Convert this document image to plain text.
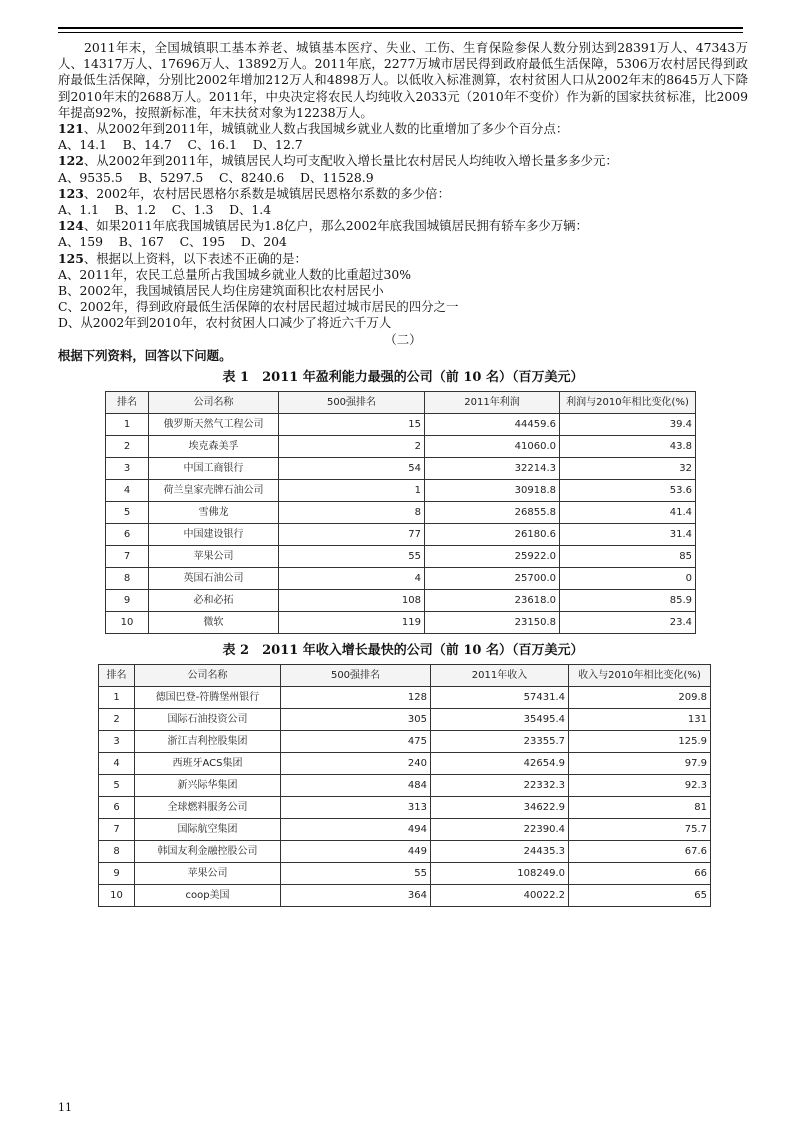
2011年末，全国城镇职工基本养老、城镇基本医疗、失业、工伤、生育保险参保人数分别达到28391万人、47343万人、14317万人、17696万人、13892万人。2011年底，2277万城市居民得到政府最低生活保障，5306万农村居民得到政府最低生活保障，分别比2002年增加212万人和4898万人。以低收入标准测算，农村贫困人口从2002年末的8645万人下降到2010年末的2688万人。2011年，中央决定将农民人均纯收入2033元（2010年不变价）作为新的国家扶贫标准，比2009年提高92%，按照新标准，年末扶贫对象为12238万人。

121、从2002年到2011年，城镇就业人数占我国城乡就业人数的比重增加了多少个百分点：

A、14.1    B、14.7    C、16.1    D、12.7

122、从2002年到2011年，城镇居民人均可支配收入增长量比农村居民人均纯收入增长量多多少元：

A、9535.5    B、5297.5    C、8240.6    D、11528.9

123、2002年，农村居民恩格尔系数是城镇居民恩格尔系数的多少倍：

A、1.1    B、1.2    C、1.3    D、1.4

124、如果2011年底我国城镇居民为1.8亿户，那么2002年底我国城镇居民拥有轿车多少万辆：

A、159    B、167    C、195    D、204

125、根据以上资料，以下表述不正确的是：

A、2011年，农民工总量所占我国城乡就业人数的比重超过30%

B、2002年，我国城镇居民人均住房建筑面积比农村居民小

C、2002年，得到政府最低生活保障的农村居民超过城市居民的四分之一

D、从2002年到2010年，农村贫困人口减少了将近六千万人

（二）

根据下列资料，回答以下问题。

表 1　2011 年盈利能力最强的公司（前 10 名）（百万美元）
排名	公司名称	500强排名	2011年利润	利润与2010年相比变化(%)
1	俄罗斯天然气工程公司	15	44459.6	39.4
2	埃克森美孚	2	41060.0	43.8
3	中国工商银行	54	32214.3	32
4	荷兰皇家壳牌石油公司	1	30918.8	53.6
5	雪佛龙	8	26855.8	41.4
6	中国建设银行	77	26180.6	31.4
7	苹果公司	55	25922.0	85
8	英国石油公司	4	25700.0	0
9	必和必拓	108	23618.0	85.9
10	微软	119	23150.8	23.4
表 2　2011 年收入增长最快的公司（前 10 名）（百万美元）
排名	公司名称	500强排名	2011年收入	收入与2010年相比变化(%)
1	德国巴登-符腾堡州银行	128	57431.4	209.8
2	国际石油投资公司	305	35495.4	131
3	浙江吉利控股集团	475	23355.7	125.9
4	西班牙ACS集团	240	42654.9	97.9
5	新兴际华集团	484	22332.3	92.3
6	全球燃料服务公司	313	34622.9	81
7	国际航空集团	494	22390.4	75.7
8	韩国友利金融控股公司	449	24435.3	67.6
9	苹果公司	55	108249.0	66
10	coop美国	364	40022.2	65
11
